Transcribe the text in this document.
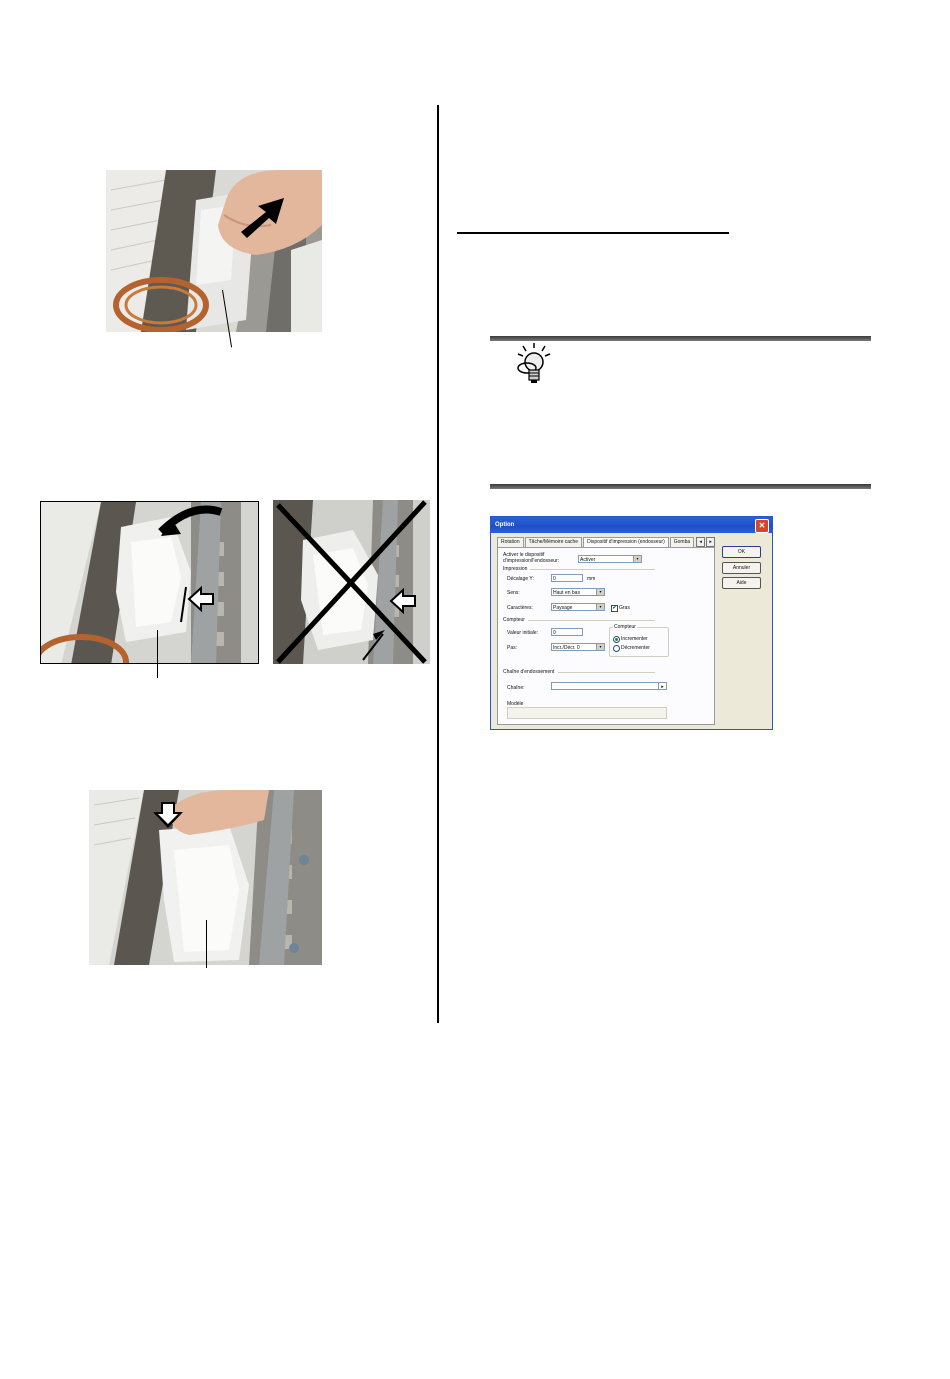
Option	✕
Rotation	Tâche/Mémoire cache	Dispositif d'impression (endosseur)	Gomba	◂	▸
Activer le dispositif
d'impression/l'endosseur:	Activer	▾
Impression
Décalage Y:	0	mm
Sens:	Haut en bas	▾
Caractères:	Paysage	▾	✔ Gras
Compteur
Valeur initiale:	0
Pas:	Incr./Décr. 0	▾
Compteur
Incrementer
Décrementer
Chaîne d'endossement
Chaîne:	▸
Modèle
OK
Annuler
Aide
